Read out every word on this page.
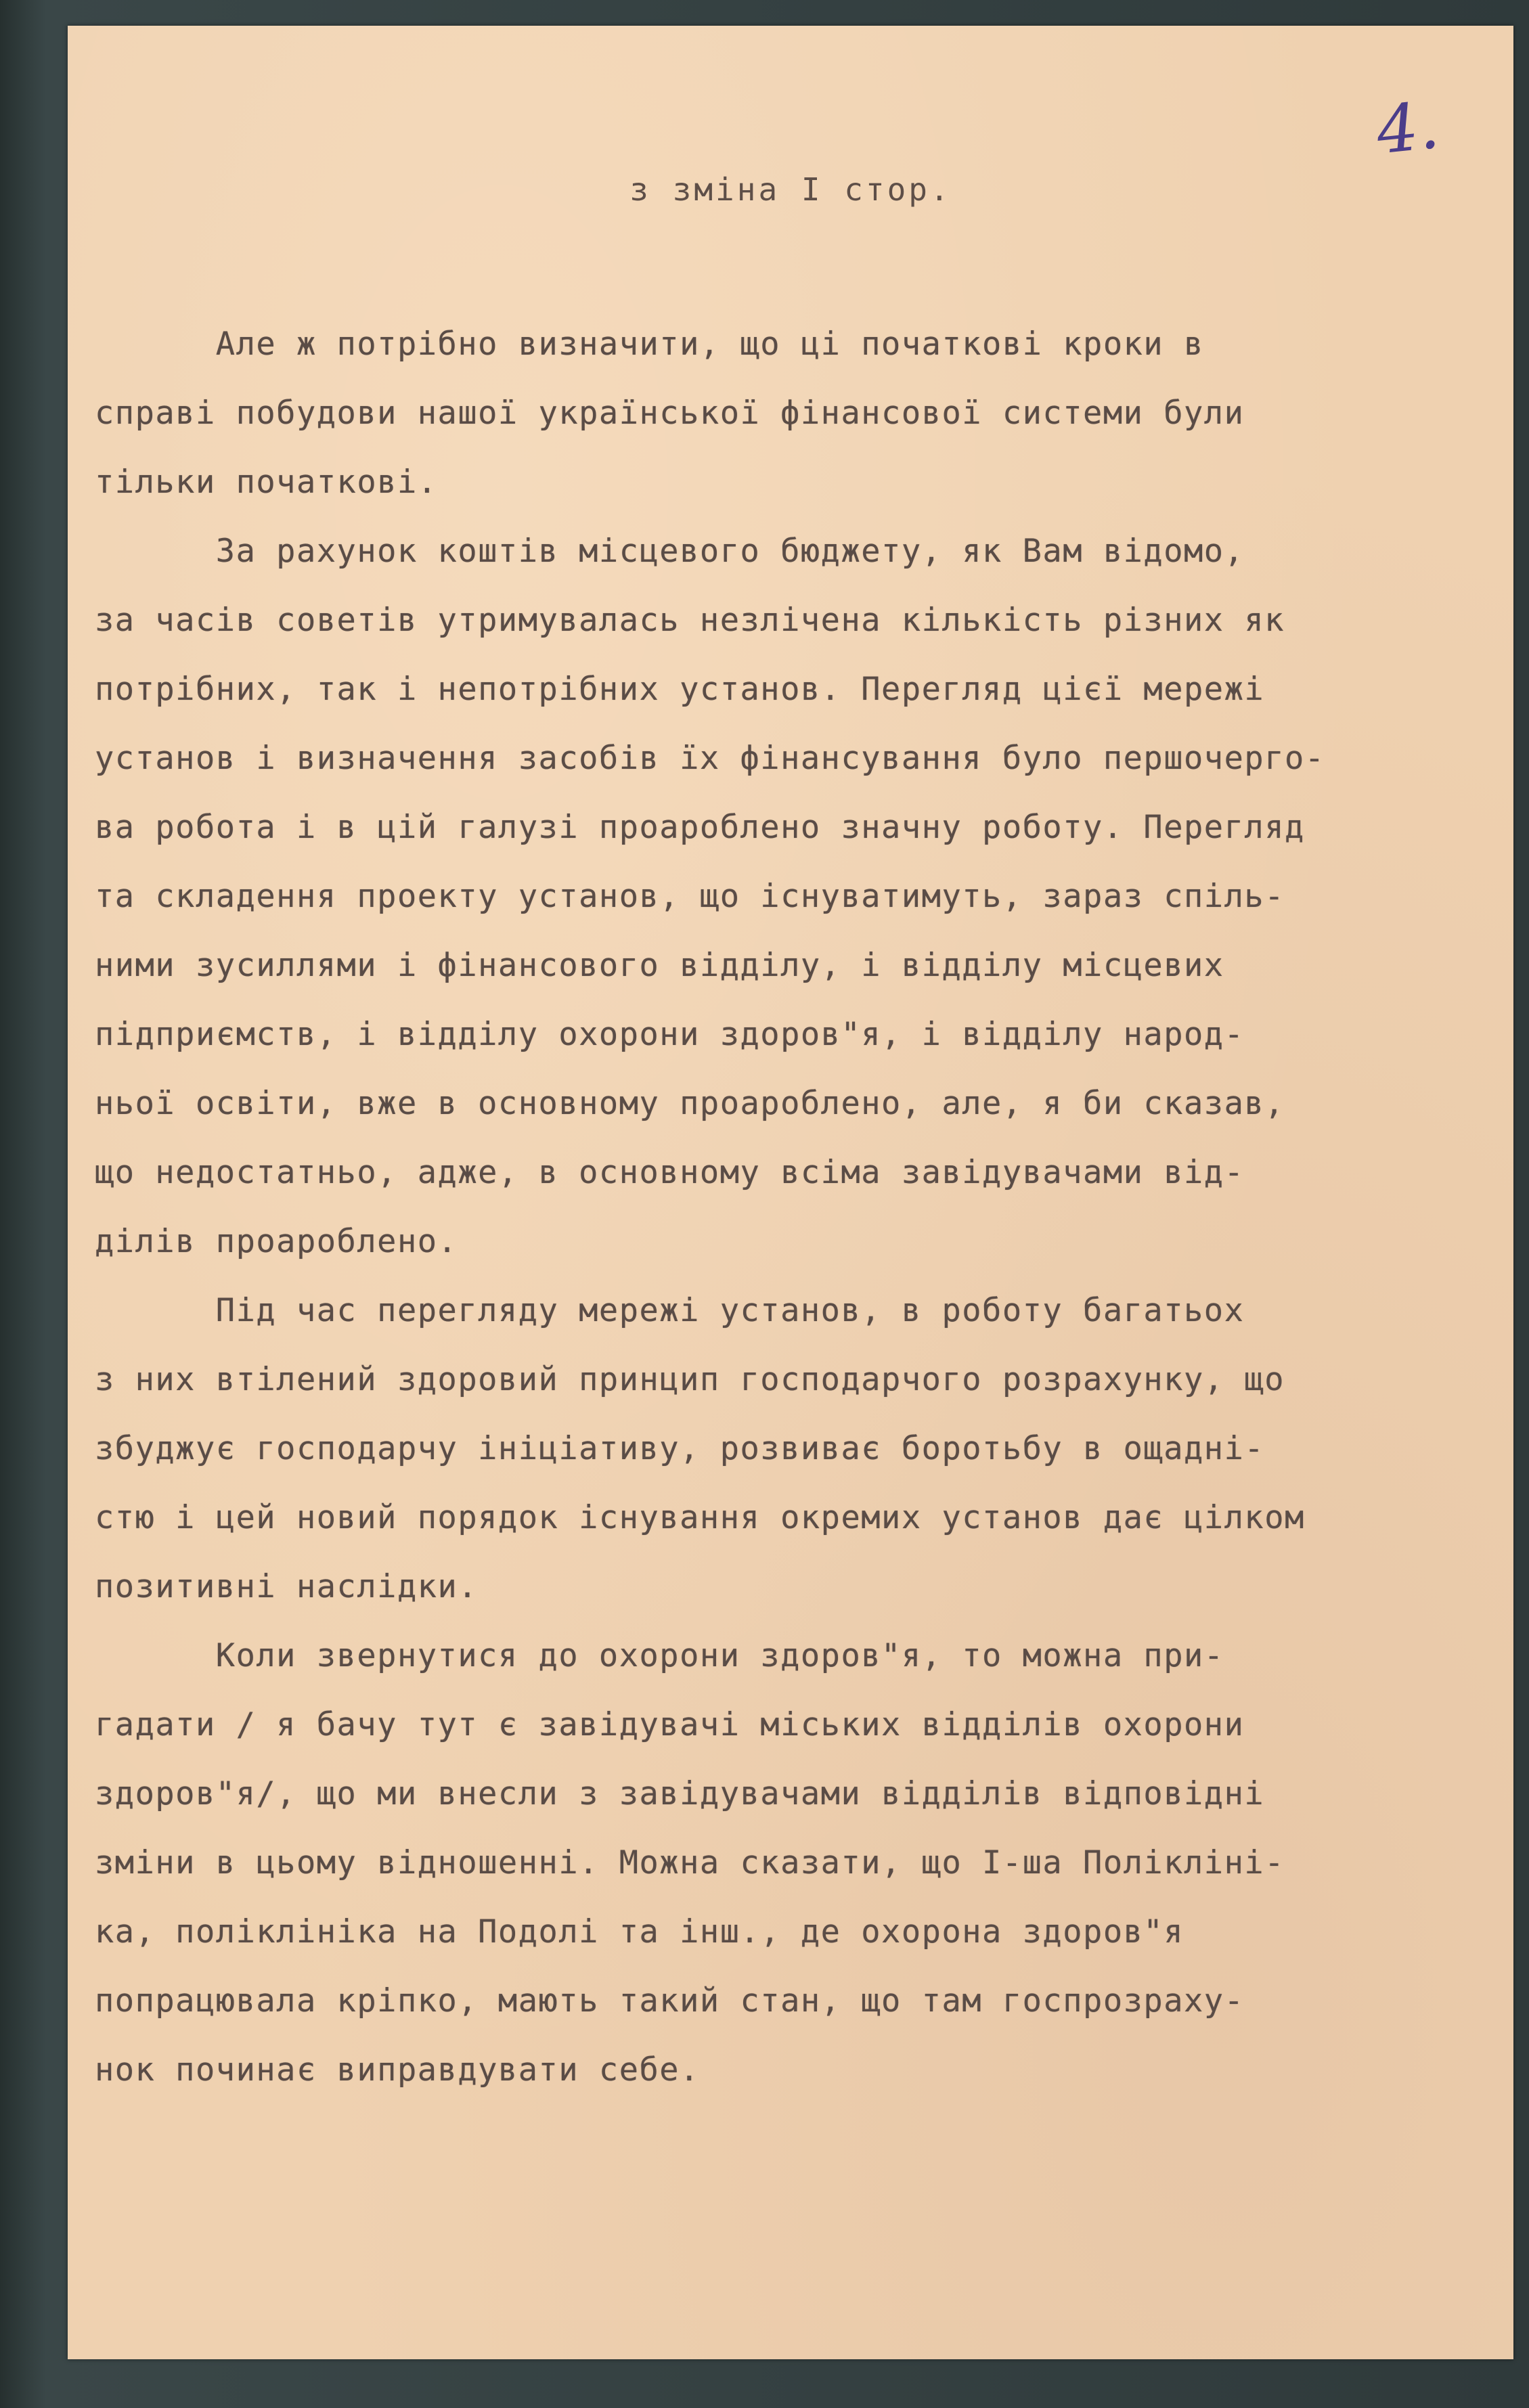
4.
з зміна І стор.
Але ж потрібно визначити, що ці початкові кроки в
справі побудови нашої української фінансової системи були
тільки початкові.
За рахунок коштів місцевого бюджету, як Вам відомо,
за часів советів утримувалась незлічена кількість різних як
потрібних, так і непотрібних установ. Перегляд цієї мережі
установ і визначення засобів їх фінансування було першочерго-
ва робота і в цій галузі проароблено значну роботу. Перегляд
та складення проекту установ, що існуватимуть, зараз спіль-
ними зусиллями і фінансового відділу, і відділу місцевих
підприємств, і відділу охорони здоров"я, і відділу народ-
ньої освіти, вже в основному проароблено, але, я би сказав,
що недостатньо, адже, в основному всіма завідувачами від-
ділів проароблено.
Під час перегляду мережі установ, в роботу багатьох
з них втілений здоровий принцип господарчого розрахунку, що
збуджує господарчу ініціативу, розвиває боротьбу в ощадні-
стю і цей новий порядок існування окремих установ дає цілком
позитивні наслідки.
Коли звернутися до охорони здоров"я, то можна при-
гадати / я бачу тут є завідувачі міських відділів охорони
здоров"я/, що ми внесли з завідувачами відділів відповідні
зміни в цьому відношенні. Можна сказати, що І-ша Полікліні-
ка, поліклініка на Подолі та інш., де охорона здоров"я
попрацювала кріпко, мають такий стан, що там госпрозраху-
нок починає виправдувати себе.
